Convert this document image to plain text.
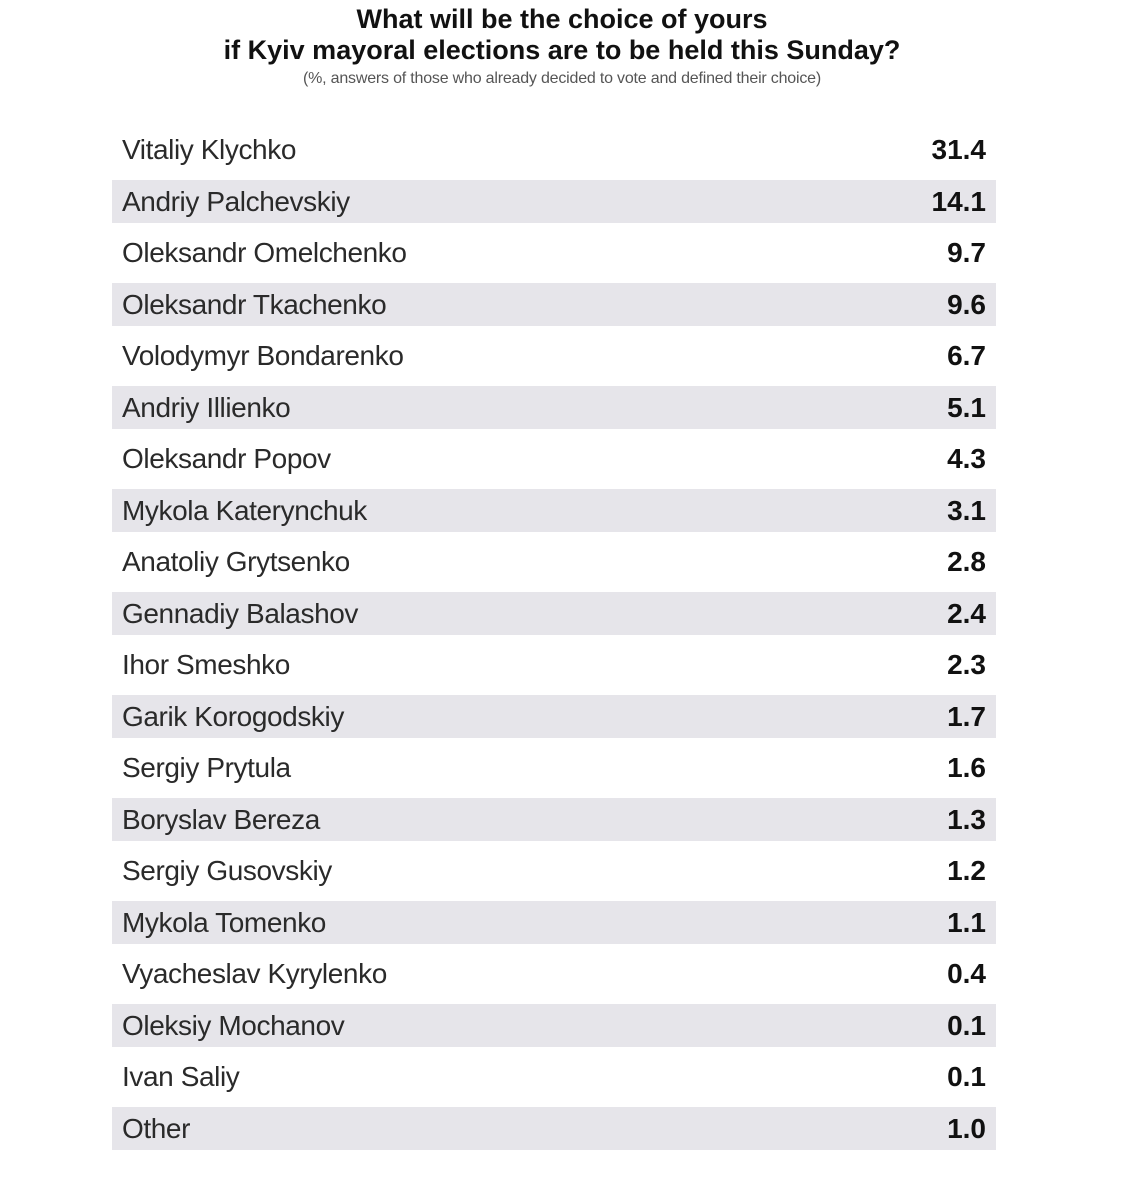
What will be the choice of yours
if Kyiv mayoral elections are to be held this Sunday?
(%, answers of those who already decided to vote and defined their choice)
Vitaliy Klychko	31.4
Andriy Palchevskiy	14.1
Oleksandr Omelchenko	9.7
Oleksandr Tkachenko	9.6
Volodymyr Bondarenko	6.7
Andriy Illienko	5.1
Oleksandr Popov	4.3
Mykola Katerynchuk	3.1
Anatoliy Grytsenko	2.8
Gennadiy Balashov	2.4
Ihor Smeshko	2.3
Garik Korogodskiy	1.7
Sergiy Prytula	1.6
Boryslav Bereza	1.3
Sergiy Gusovskiy	1.2
Mykola Tomenko	1.1
Vyacheslav Kyrylenko	0.4
Oleksiy Mochanov	0.1
Ivan Saliy	0.1
Other	1.0
